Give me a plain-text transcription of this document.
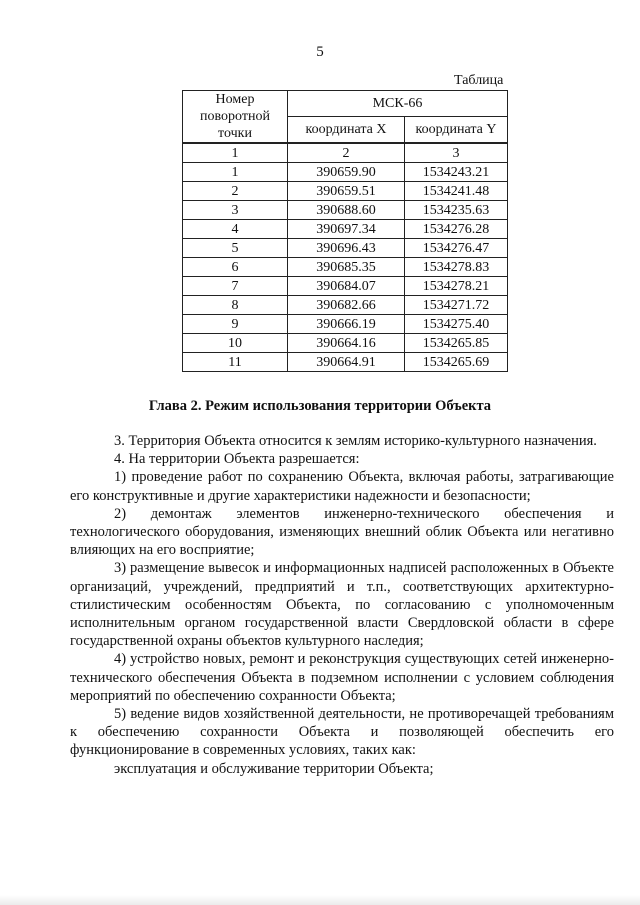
5
Таблица
Номер поворотной точки	МСК-66	
	координата X	координата Y
1	2	3
1	390659.90	1534243.21
2	390659.51	1534241.48
3	390688.60	1534235.63
4	390697.34	1534276.28
5	390696.43	1534276.47
6	390685.35	1534278.83
7	390684.07	1534278.21
8	390682.66	1534271.72
9	390666.19	1534275.40
10	390664.16	1534265.85
11	390664.91	1534265.69
Глава 2. Режим использования территории Объекта

3. Территория Объекта относится к землям историко-культурного назначения.

4. На территории Объекта разрешается:

1) проведение работ по сохранению Объекта, включая работы, затрагивающие его конструктивные и другие характеристики надежности и безопасности;

2) демонтаж элементов инженерно-технического обеспечения и технологического оборудования, изменяющих внешний облик Объекта или негативно влияющих на его восприятие;

3) размещение вывесок и информационных надписей расположенных в Объекте организаций, учреждений, предприятий и т.п., соответствующих архитектурно-стилистическим особенностям Объекта, по согласованию с уполномоченным исполнительным органом государственной власти Свердловской области в сфере государственной охраны объектов культурного наследия;

4) устройство новых, ремонт и реконструкция существующих сетей инженерно-технического обеспечения Объекта в подземном исполнении с условием соблюдения мероприятий по обеспечению сохранности Объекта;

5) ведение видов хозяйственной деятельности, не противоречащей требованиям к обеспечению сохранности Объекта и позволяющей обеспечить его функционирование в современных условиях, таких как:

эксплуатация и обслуживание территории Объекта;
